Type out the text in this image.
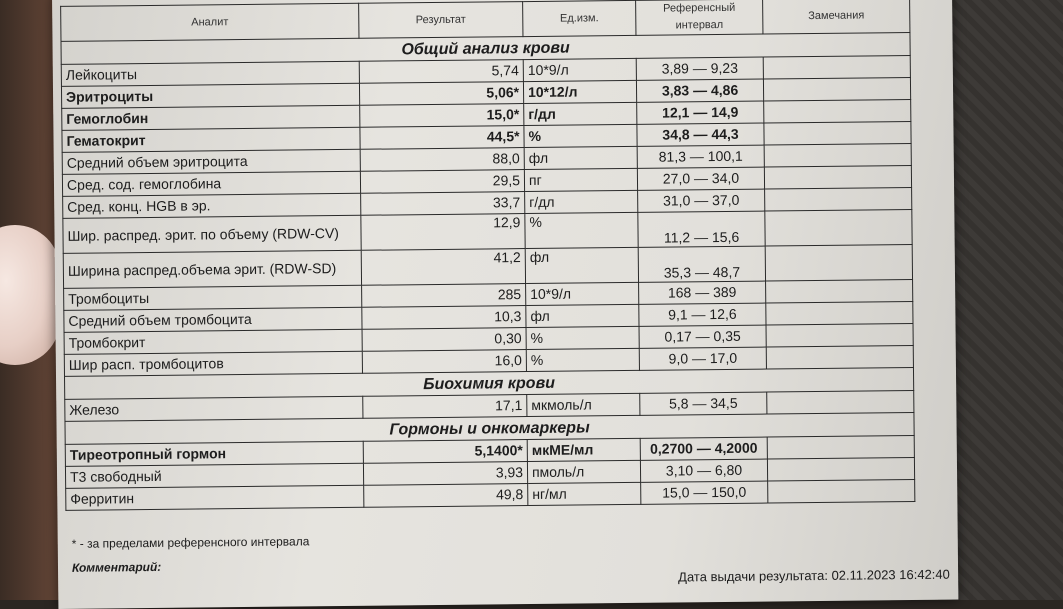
Аналит	Результат	Ед.изм.	Референсный интервал	Замечания
Общий анализ крови				
Лейкоциты	5,74	10*9/л	3,89 — 9,23	
Эритроциты	5,06*	10*12/л	3,83 — 4,86	
Гемоглобин	15,0*	г/дл	12,1 — 14,9	
Гематокрит	44,5*	%	34,8 — 44,3	
Средний объем эритроцита	88,0	фл	81,3 — 100,1	
Сред. сод. гемоглобина	29,5	пг	27,0 — 34,0	
Сред. конц. HGB в эр.	33,7	г/дл	31,0 — 37,0	

Шир. распред. эрит. по объему (RDW-CV)	12,9	%	11,2 — 15,6	

Ширина распред.объема эрит. (RDW-SD)	41,2	фл	35,3 — 48,7	
Тромбоциты	285	10*9/л	168 — 389	
Средний объем тромбоцита	10,3	фл	9,1 — 12,6	
Тромбокрит	0,30	%	0,17 — 0,35	
Шир расп. тромбоцитов	16,0	%	9,0 — 17,0	
Биохимия крови				
Железо	17,1	мкмоль/л	5,8 — 34,5	
Гормоны и онкомаркеры				
Тиреотропный гормон	5,1400*	мкМЕ/мл	0,2700 — 4,2000	
Т3 свободный	3,93	пмоль/л	3,10 — 6,80	
Ферритин	49,8	нг/мл	15,0 — 150,0	
* - за пределами референсного интервала
Комментарий:	Дата выдачи результата: 02.11.2023 16:42:40
